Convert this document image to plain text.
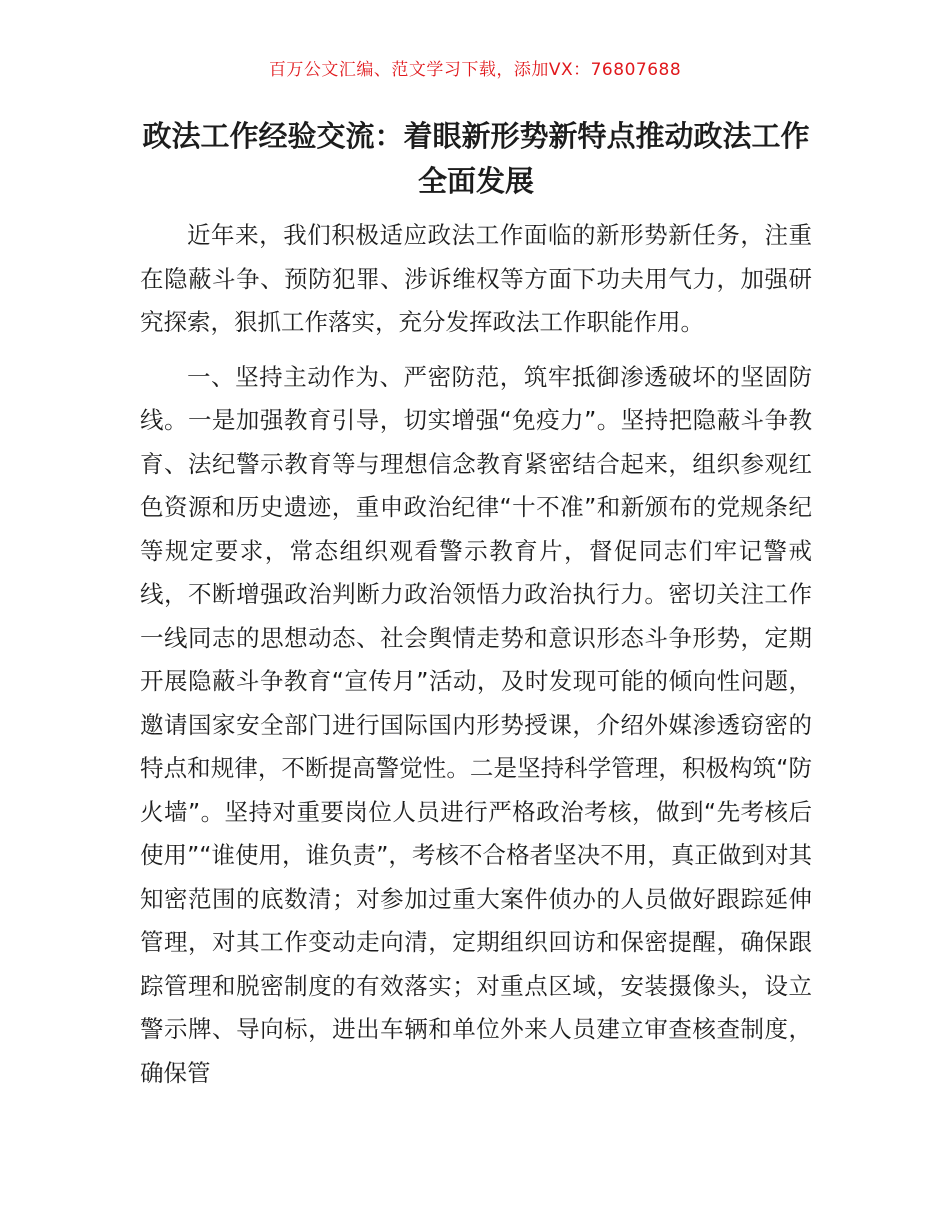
百万公文汇编、范文学习下载，添加VX：76807688
政法工作经验交流：着眼新形势新特点推动政法工作全面发展

近年来，我们积极适应政法工作面临的新形势新任务，注重在隐蔽斗争、预防犯罪、涉诉维权等方面下功夫用气力，加强研究探索，狠抓工作落实，充分发挥政法工作职能作用。

一、坚持主动作为、严密防范，筑牢抵御渗透破坏的坚固防线。一是加强教育引导，切实增强“免疫力”。坚持把隐蔽斗争教育、法纪警示教育等与理想信念教育紧密结合起来，组织参观红色资源和历史遗迹，重申政治纪律“十不准”和新颁布的党规条纪等规定要求，常态组织观看警示教育片，督促同志们牢记警戒线，不断增强政治判断力政治领悟力政治执行力。密切关注工作一线同志的思想动态、社会舆情走势和意识形态斗争形势，定期开展隐蔽斗争教育“宣传月”活动，及时发现可能的倾向性问题，邀请国家安全部门进行国际国内形势授课，介绍外媒渗透窃密的特点和规律，不断提高警觉性。二是坚持科学管理，积极构筑“防火墙”。坚持对重要岗位人员进行严格政治考核，做到“先考核后使用”“谁使用，谁负责”，考核不合格者坚决不用，真正做到对其知密范围的底数清；对参加过重大案件侦办的人员做好跟踪延伸管理，对其工作变动走向清，定期组织回访和保密提醒，确保跟踪管理和脱密制度的有效落实；对重点区域，安装摄像头，设立警示牌、导向标，进出车辆和单位外来人员建立审查核查制度，确保管
